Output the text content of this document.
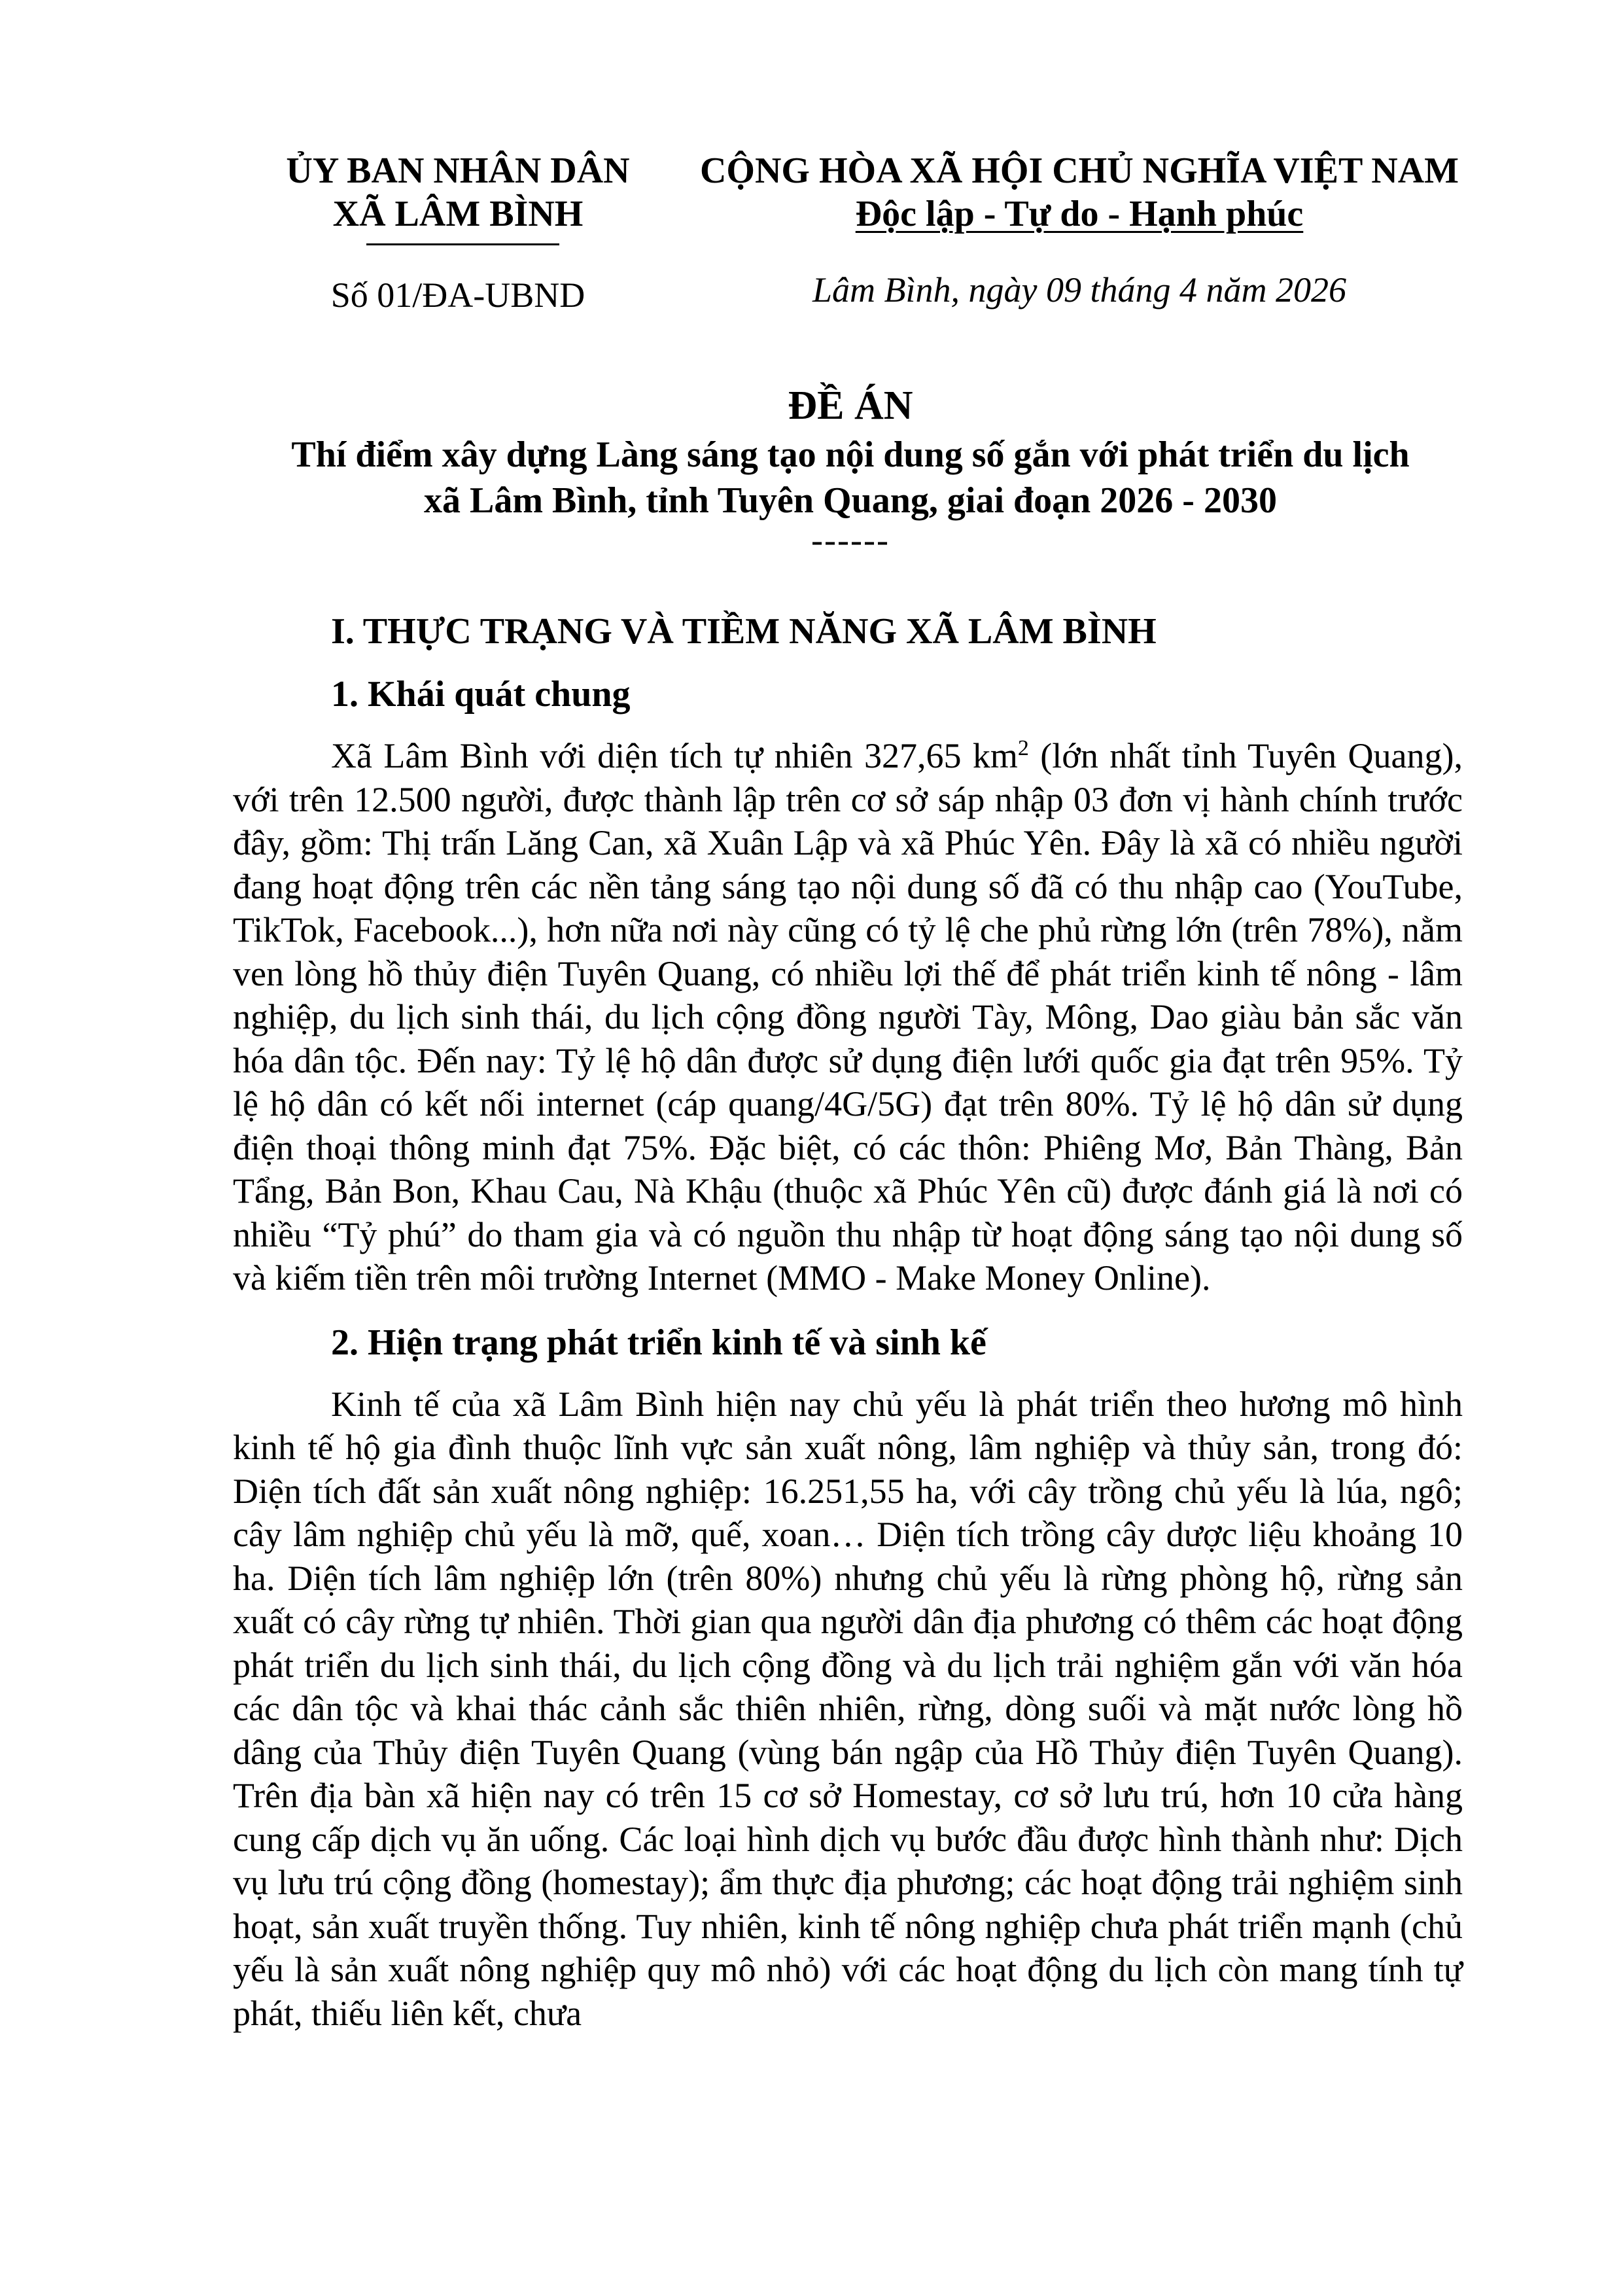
ỦY BAN NHÂN DÂN
XÃ LÂM BÌNH
CỘNG HÒA XÃ HỘI CHỦ NGHĨA VIỆT NAM
Độc lập - Tự do - Hạnh phúc
Số 01/ĐA-UBND	Lâm Bình, ngày 09 tháng 4 năm 2026
ĐỀ ÁN
Thí điểm xây dựng Làng sáng tạo nội dung số gắn với phát triển du lịch
xã Lâm Bình, tỉnh Tuyên Quang, giai đoạn 2026 - 2030
------
I. THỰC TRẠNG VÀ TIỀM NĂNG XÃ LÂM BÌNH
1. Khái quát chung

Xã Lâm Bình với diện tích tự nhiên 327,65 $km^2$ (lớn nhất tỉnh Tuyên Quang), với trên 12.500 người, được thành lập trên cơ sở sáp nhập 03 đơn vị hành chính trước đây, gồm: Thị trấn Lăng Can, xã Xuân Lập và xã Phúc Yên. Đây là xã có nhiều người đang hoạt động trên các nền tảng sáng tạo nội dung số đã có thu nhập cao (YouTube, TikTok, Facebook...), hơn nữa nơi này cũng có tỷ lệ che phủ rừng lớn (trên 78%), nằm ven lòng hồ thủy điện Tuyên Quang, có nhiều lợi thế để phát triển kinh tế nông - lâm nghiệp, du lịch sinh thái, du lịch cộng đồng người Tày, Mông, Dao giàu bản sắc văn hóa dân tộc. Đến nay: Tỷ lệ hộ dân được sử dụng điện lưới quốc gia đạt trên 95%. Tỷ lệ hộ dân có kết nối internet (cáp quang/4G/5G) đạt trên 80%. Tỷ lệ hộ dân sử dụng điện thoại thông minh đạt 75%. Đặc biệt, có các thôn: Phiêng Mơ, Bản Thàng, Bản Tẩng, Bản Bon, Khau Cau, Nà Khậu (thuộc xã Phúc Yên cũ) được đánh giá là nơi có nhiều “Tỷ phú” do tham gia và có nguồn thu nhập từ hoạt động sáng tạo nội dung số và kiếm tiền trên môi trường Internet (MMO - Make Money Online).

2. Hiện trạng phát triển kinh tế và sinh kế

Kinh tế của xã Lâm Bình hiện nay chủ yếu là phát triển theo hương mô hình kinh tế hộ gia đình thuộc lĩnh vực sản xuất nông, lâm nghiệp và thủy sản, trong đó: Diện tích đất sản xuất nông nghiệp: 16.251,55 ha, với cây trồng chủ yếu là lúa, ngô; cây lâm nghiệp chủ yếu là mỡ, quế, xoan… Diện tích trồng cây dược liệu khoảng 10 ha. Diện tích lâm nghiệp lớn (trên 80%) nhưng chủ yếu là rừng phòng hộ, rừng sản xuất có cây rừng tự nhiên. Thời gian qua người dân địa phương có thêm các hoạt động phát triển du lịch sinh thái, du lịch cộng đồng và du lịch trải nghiệm gắn với văn hóa các dân tộc và khai thác cảnh sắc thiên nhiên, rừng, dòng suối và mặt nước lòng hồ dâng của Thủy điện Tuyên Quang (vùng bán ngập của Hồ Thủy điện Tuyên Quang). Trên địa bàn xã hiện nay có trên 15 cơ sở Homestay, cơ sở lưu trú, hơn 10 cửa hàng cung cấp dịch vụ ăn uống. Các loại hình dịch vụ bước đầu được hình thành như: Dịch vụ lưu trú cộng đồng (homestay); ẩm thực địa phương; các hoạt động trải nghiệm sinh hoạt, sản xuất truyền thống. Tuy nhiên, kinh tế nông nghiệp chưa phát triển mạnh (chủ yếu là sản xuất nông nghiệp quy mô nhỏ) với các hoạt động du lịch còn mang tính tự phát, thiếu liên kết, chưa
